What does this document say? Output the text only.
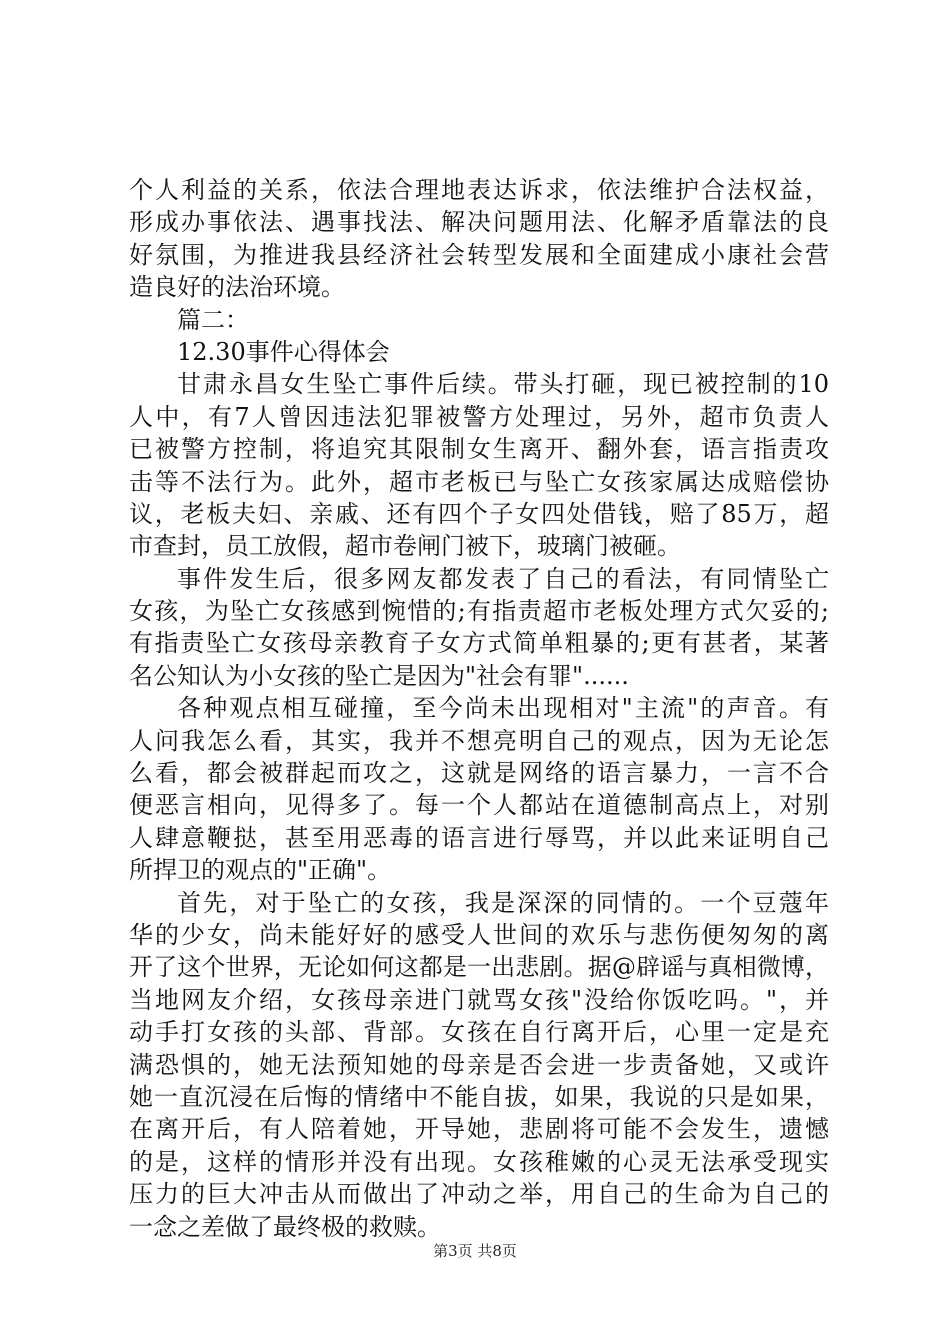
个人利益的关系，依法合理地表达诉求，依法维护合法权益，
形成办事依法、遇事找法、解决问题用法、化解矛盾靠法的良
好氛围，为推进我县经济社会转型发展和全面建成小康社会营
造良好的法治环境。
篇二：
12.30事件心得体会
甘肃永昌女生坠亡事件后续。带头打砸，现已被控制的10
人中，有7人曾因违法犯罪被警方处理过，另外，超市负责人
已被警方控制，将追究其限制女生离开、翻外套，语言指责攻
击等不法行为。此外，超市老板已与坠亡女孩家属达成赔偿协
议，老板夫妇、亲戚、还有四个子女四处借钱，赔了85万，超
市查封，员工放假，超市卷闸门被下，玻璃门被砸。
事件发生后，很多网友都发表了自己的看法，有同情坠亡
女孩，为坠亡女孩感到惋惜的;有指责超市老板处理方式欠妥的;
有指责坠亡女孩母亲教育子女方式简单粗暴的;更有甚者，某著
名公知认为小女孩的坠亡是因为"社会有罪"......
各种观点相互碰撞，至今尚未出现相对"主流"的声音。有
人问我怎么看，其实，我并不想亮明自己的观点，因为无论怎
么看，都会被群起而攻之，这就是网络的语言暴力，一言不合
便恶言相向，见得多了。每一个人都站在道德制高点上，对别
人肆意鞭挞，甚至用恶毒的语言进行辱骂，并以此来证明自己
所捍卫的观点的"正确"。
首先，对于坠亡的女孩，我是深深的同情的。一个豆蔻年
华的少女，尚未能好好的感受人世间的欢乐与悲伤便匆匆的离
开了这个世界，无论如何这都是一出悲剧。据@辟谣与真相微博，
当地网友介绍，女孩母亲进门就骂女孩"没给你饭吃吗。"，并
动手打女孩的头部、背部。女孩在自行离开后，心里一定是充
满恐惧的，她无法预知她的母亲是否会进一步责备她，又或许
她一直沉浸在后悔的情绪中不能自拔，如果，我说的只是如果，
在离开后，有人陪着她，开导她，悲剧将可能不会发生，遗憾
的是，这样的情形并没有出现。女孩稚嫩的心灵无法承受现实
压力的巨大冲击从而做出了冲动之举，用自己的生命为自己的
一念之差做了最终极的救赎。
第3页 共8页
